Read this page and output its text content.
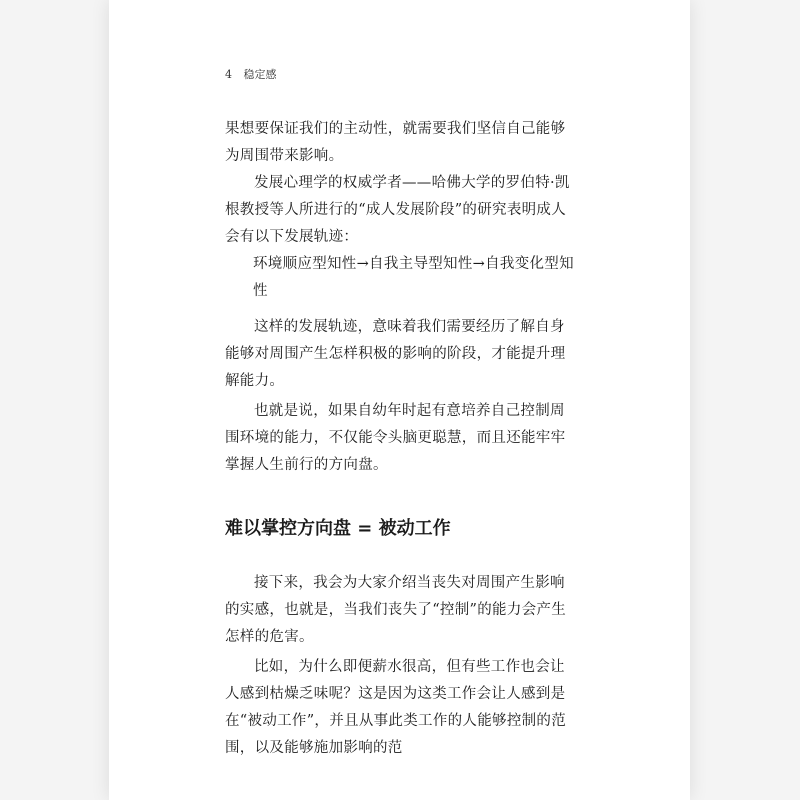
4 稳定感

果想要保证我们的主动性，就需要我们坚信自己能够为周围带来影响。

发展心理学的权威学者——哈佛大学的罗伯特·凯根教授等人所进行的“成人发展阶段”的研究表明成人会有以下发展轨迹：

环境顺应型知性→自我主导型知性→自我变化型知性

这样的发展轨迹，意味着我们需要经历了解自身能够对周围产生怎样积极的影响的阶段，才能提升理解能力。

也就是说，如果自幼年时起有意培养自己控制周围环境的能力，不仅能令头脑更聪慧，而且还能牢牢掌握人生前行的方向盘。

难以掌控方向盘 = 被动工作

接下来，我会为大家介绍当丧失对周围产生影响的实感，也就是，当我们丧失了“控制”的能力会产生怎样的危害。

比如，为什么即便薪水很高，但有些工作也会让人感到枯燥乏味呢？这是因为这类工作会让人感到是在“被动工作”，并且从事此类工作的人能够控制的范围，以及能够施加影响的范
